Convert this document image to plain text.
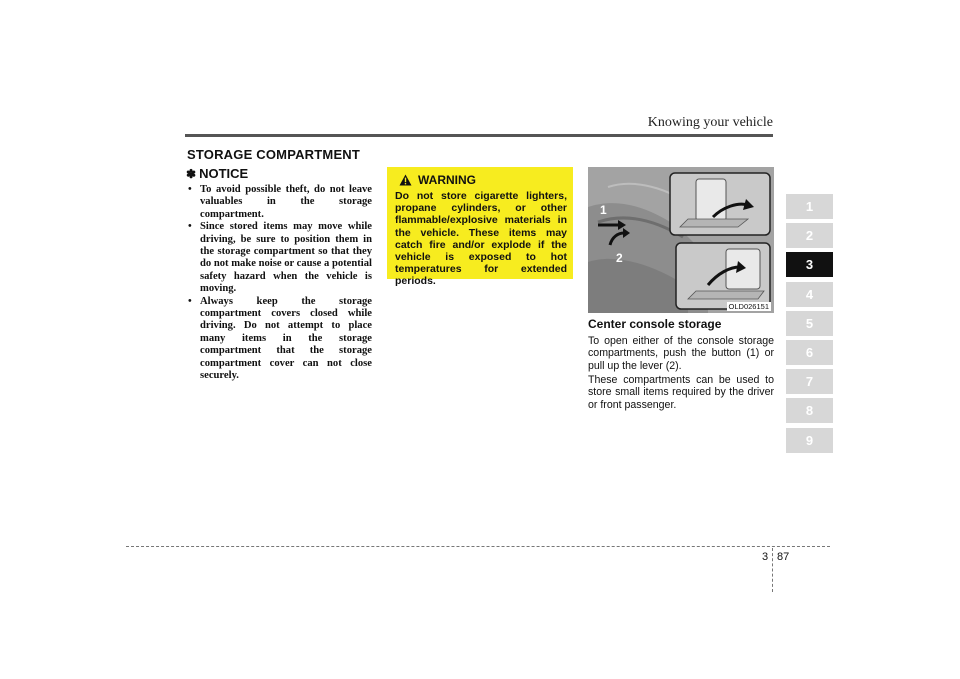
Knowing your vehicle
STORAGE COMPARTMENT
✽ NOTICE
• To avoid possible theft, do not leave valuables in the storage compartment.
• Since stored items may move while driving, be sure to position them in the storage compartment so that they do not make noise or cause a potential safety hazard when the vehicle is moving.
• Always keep the storage compartment covers closed while driving. Do not attempt to place many items in the storage compartment that the storage compartment cover can not close securely.
WARNING
Do not store cigarette lighters, propane cylinders, or other flammable/explosive materials in the vehicle. These items may catch fire and/or explode if the vehicle is exposed to hot temperatures for extended periods.
1
2
OLD026151
Center console storage
To open either of the console storage compartments, push the button (1) or pull up the lever (2).
These compartments can be used to store small items required by the driver or front passenger.
1
2
3
4
5
6
7
8
9
3 87
